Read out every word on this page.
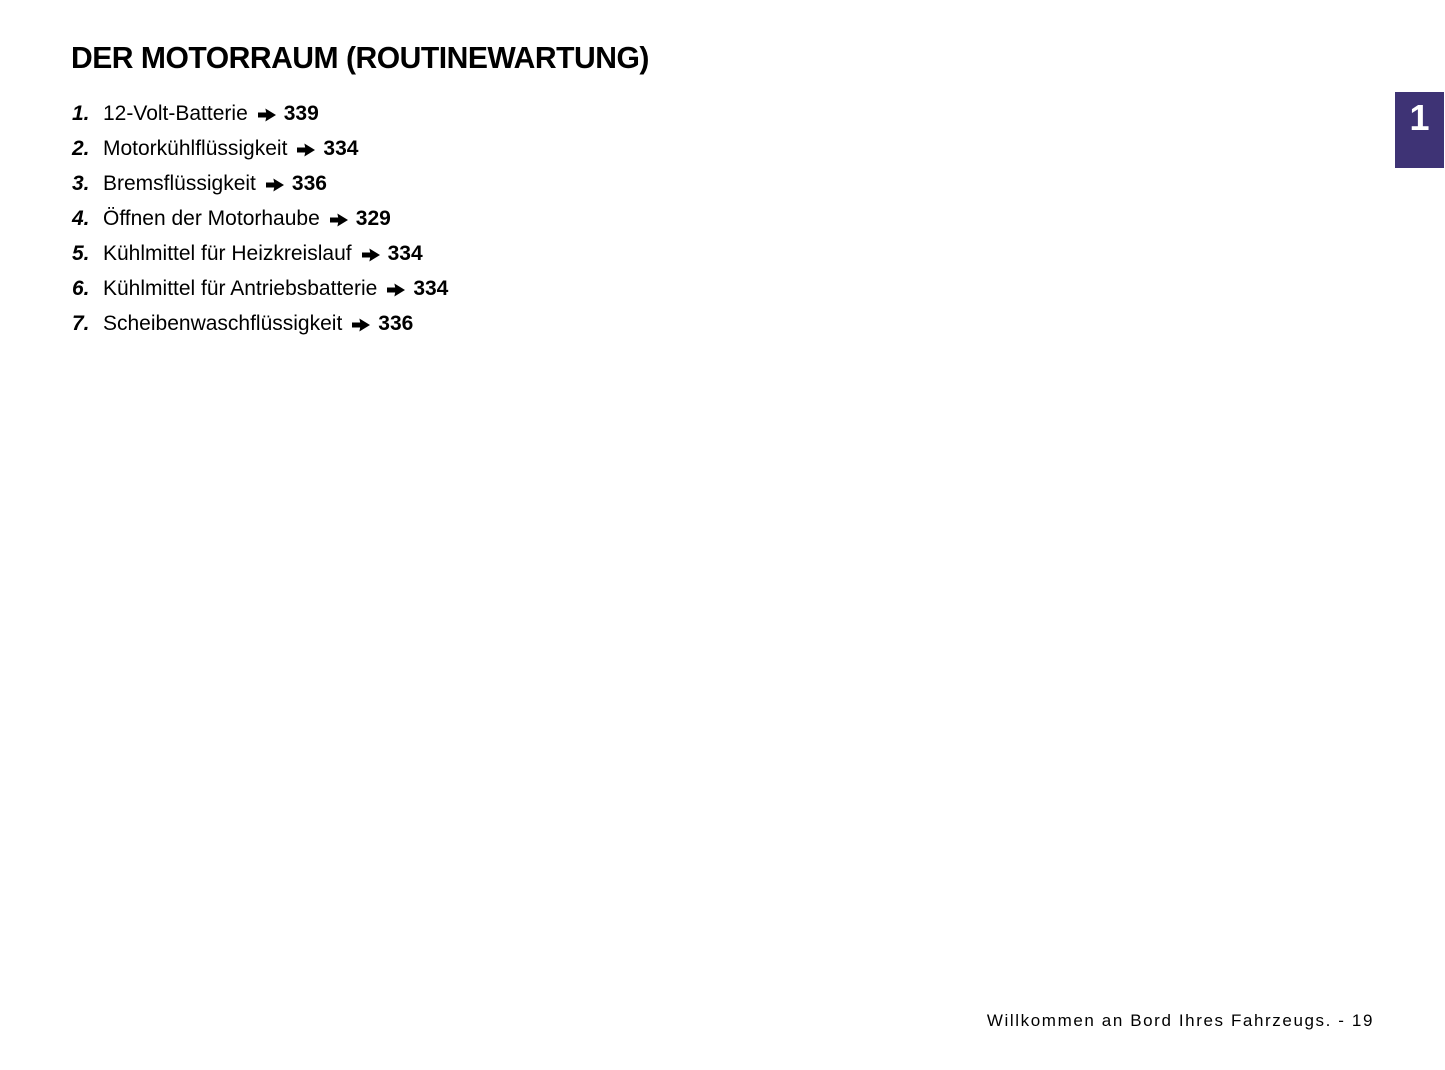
DER MOTORRAUM (ROUTINEWARTUNG)
1. 12-Volt-Batterie 339
2. Motorkühlflüssigkeit 334
3. Bremsflüssigkeit 336
4. Öffnen der Motorhaube 329
5. Kühlmittel für Heizkreislauf 334
6. Kühlmittel für Antriebsbatterie 334
7. Scheibenwaschflüssigkeit 336
1
Willkommen an Bord Ihres Fahrzeugs. - 19
